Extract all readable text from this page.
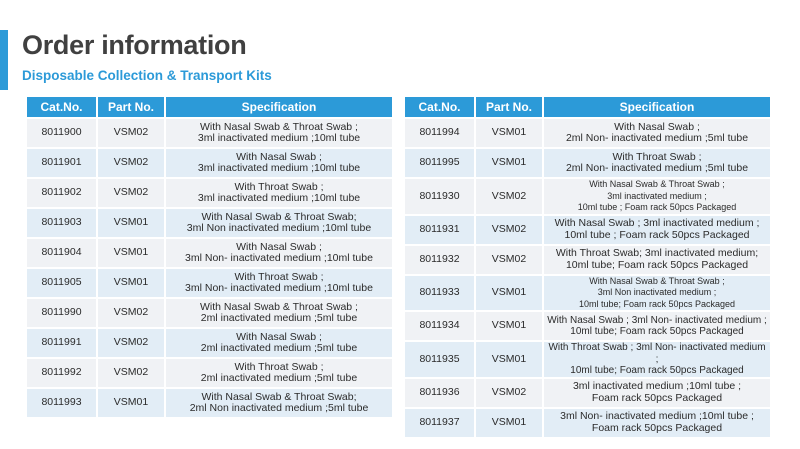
Order information
Disposable Collection & Transport Kits
Cat.No.	Part No.	Specification
8011900	VSM02	With Nasal Swab & Throat Swab ;
3ml inactivated medium ;10ml tube

8011901	VSM02	With Nasal Swab ;
3ml inactivated medium ;10ml tube

8011902	VSM02	With Throat Swab ;
3ml inactivated medium ;10ml tube

8011903	VSM01	With Nasal Swab & Throat Swab;
3ml Non inactivated medium ;10ml tube

8011904	VSM01	With Nasal Swab ;
3ml Non- inactivated medium ;10ml tube

8011905	VSM01	With Throat Swab ;
3ml Non- inactivated medium ;10ml tube

8011990	VSM02	With Nasal Swab & Throat Swab ;
2ml inactivated medium ;5ml tube

8011991	VSM02	With Nasal Swab ;
2ml inactivated medium ;5ml tube

8011992	VSM02	With Throat Swab ;
2ml inactivated medium ;5ml tube

8011993	VSM01	With Nasal Swab & Throat Swab;
2ml Non inactivated medium ;5ml tube
Cat.No.	Part No.	Specification
8011994	VSM01	With Nasal Swab ;
2ml Non- inactivated medium ;5ml tube

8011995	VSM01	With Throat Swab ;
2ml Non- inactivated medium ;5ml tube

8011930	VSM02	With Nasal Swab & Throat Swab ;
3ml inactivated medium ;
10ml tube ; Foam rack 50pcs Packaged

8011931	VSM02	With Nasal Swab ; 3ml inactivated medium ;
10ml tube ; Foam rack 50pcs Packaged

8011932	VSM02	With Throat Swab; 3ml inactivated medium;
10ml tube; Foam rack 50pcs Packaged

8011933	VSM01	With Nasal Swab & Throat Swab ;
3ml Non inactivated medium ;
10ml tube; Foam rack 50pcs Packaged

8011934	VSM01	With Nasal Swab ; 3ml Non- inactivated medium ;
10ml tube; Foam rack 50pcs Packaged

8011935	VSM01	With Throat Swab ; 3ml Non- inactivated medium ;
10ml tube; Foam rack 50pcs Packaged

8011936	VSM02	3ml inactivated medium ;10ml tube ;
Foam rack 50pcs Packaged

8011937	VSM01	3ml Non- inactivated medium ;10ml tube ;
Foam rack 50pcs Packaged
